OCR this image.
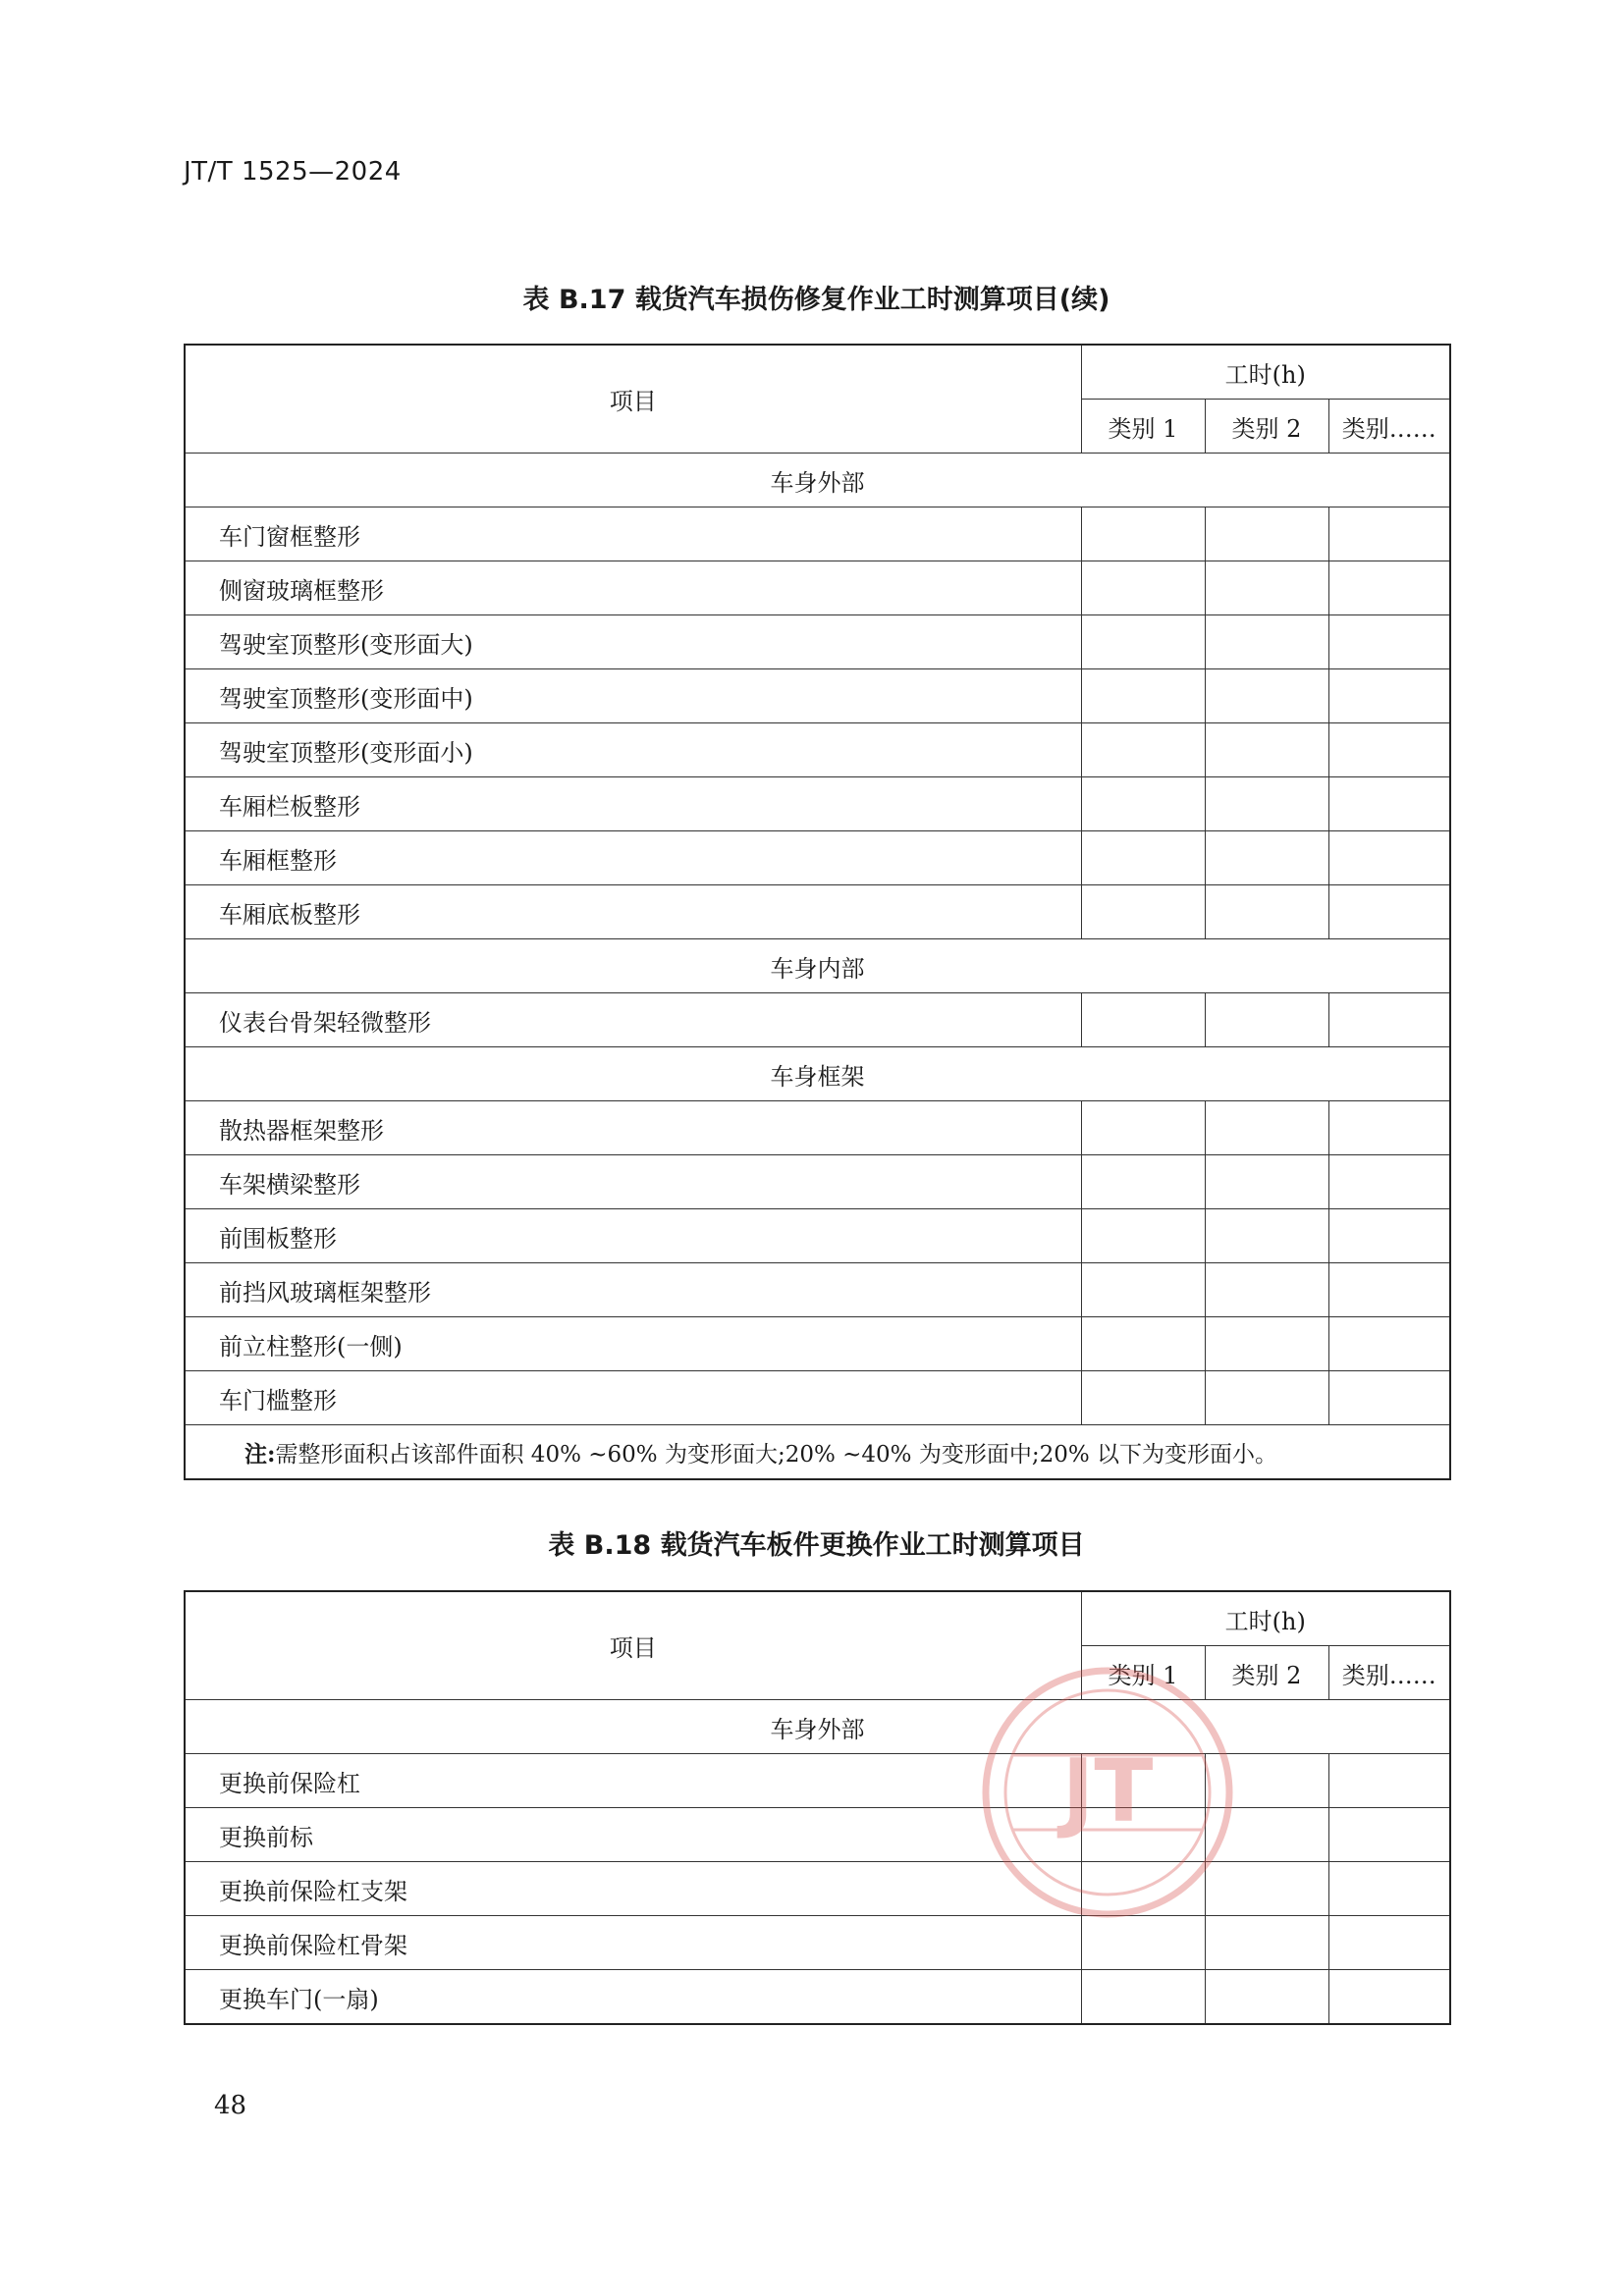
JT/T 1525—2024
表 B.17 载货汽车损伤修复作业工时测算项目(续)
项目	工时(h)		
	类别 1	类别 2	类别……
车身外部			
车门窗框整形			
侧窗玻璃框整形			
驾驶室顶整形(变形面大)			
驾驶室顶整形(变形面中)			
驾驶室顶整形(变形面小)			
车厢栏板整形			
车厢框整形			
车厢底板整形			
车身内部			
仪表台骨架轻微整形			
车身框架			
散热器框架整形			
车架横梁整形			
前围板整形			
前挡风玻璃框架整形			
前立柱整形(一侧)			
车门槛整形			
注:需整形面积占该部件面积 40% ~60% 为变形面大;20% ~40% 为变形面中;20% 以下为变形面小。			
表 B.18 载货汽车板件更换作业工时测算项目
项目	工时(h)		
	类别 1	类别 2	类别……
车身外部			
更换前保险杠			
更换前标			
更换前保险杠支架			
更换前保险杠骨架			
更换车门(一扇)			
JT
48
